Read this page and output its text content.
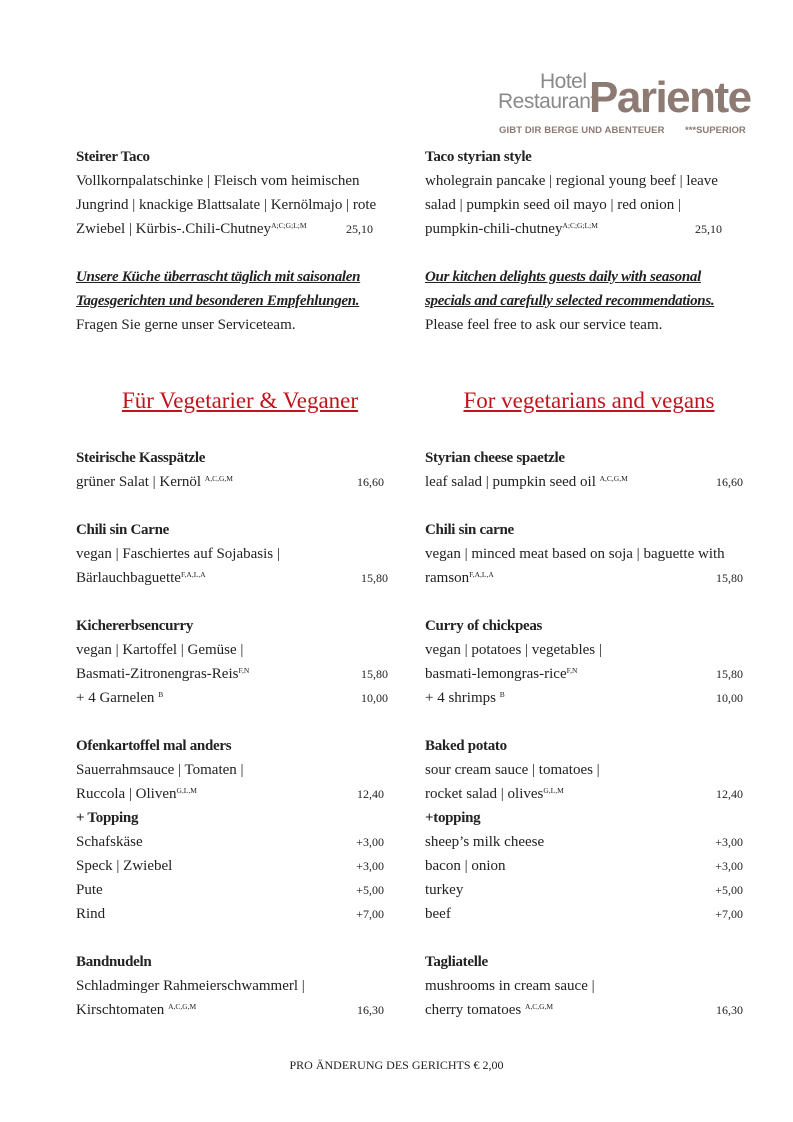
Hotel
Restaurant
Pariente
GIBT DIR BERGE UND ABENTEUER ***SUPERIOR
Steirer Taco
Vollkornpalatschinke | Fleisch vom heimischen
Jungrind | knackige Blattsalate | Kernölmajo | rote
Zwiebel | Kürbis-.Chili-Chutney$^{A;C;G;L;M}$	25,10
Unsere Küche überrascht täglich mit saisonalen
Tagesgerichten und besonderen Empfehlungen.
Fragen Sie gerne unser Serviceteam.
Taco styrian style
wholegrain pancake | regional young beef | leave
salad | pumpkin seed oil mayo | red onion |
pumpkin-chili-chutney$^{A;C;G;L;M}$	25,10
Our kitchen delights guests daily with seasonal
specials and carefully selected recommendations.
Please feel free to ask our service team.
Für Vegetarier & Veganer	For vegetarians and vegans
Steirische Kasspätzle
grüner Salat | Kernöl $^{A,C,G,M}$	16,60
Chili sin Carne
vegan | Faschiertes auf Sojabasis |
Bärlauchbaguette$^{F,A,L,A}$	15,80
Kichererbsencurry
vegan | Kartoffel | Gemüse |
Basmati-Zitronengras-Reis$^{F,N}$	15,80
+ 4 Garnelen $^B$	10,00
Ofenkartoffel mal anders
Sauerrahmsauce | Tomaten |
Ruccola | Oliven$^{G,L,M}$	12,40
+ Topping
Schafskäse	+3,00
Speck | Zwiebel	+3,00
Pute	+5,00
Rind	+7,00
Bandnudeln
Schladminger Rahmeierschwammerl |
Kirschtomaten $^{A,C,G,M}$	16,30
Styrian cheese spaetzle
leaf salad | pumpkin seed oil $^{A,C,G,M}$	16,60
Chili sin carne
vegan | minced meat based on soja | baguette with
ramson$^{F,A,L,A}$	15,80
Curry of chickpeas
vegan | potatoes | vegetables |
basmati-lemongras-rice$^{F,N}$	15,80
+ 4 shrimps $^B$	10,00
Baked potato
sour cream sauce | tomatoes |
rocket salad | olives$^{G,L,M}$	12,40
+topping
sheep’s milk cheese	+3,00
bacon | onion	+3,00
turkey	+5,00
beef	+7,00
Tagliatelle
mushrooms in cream sauce |
cherry tomatoes $^{A,C,G,M}$	16,30
PRO ÄNDERUNG DES GERICHTS € 2,00
